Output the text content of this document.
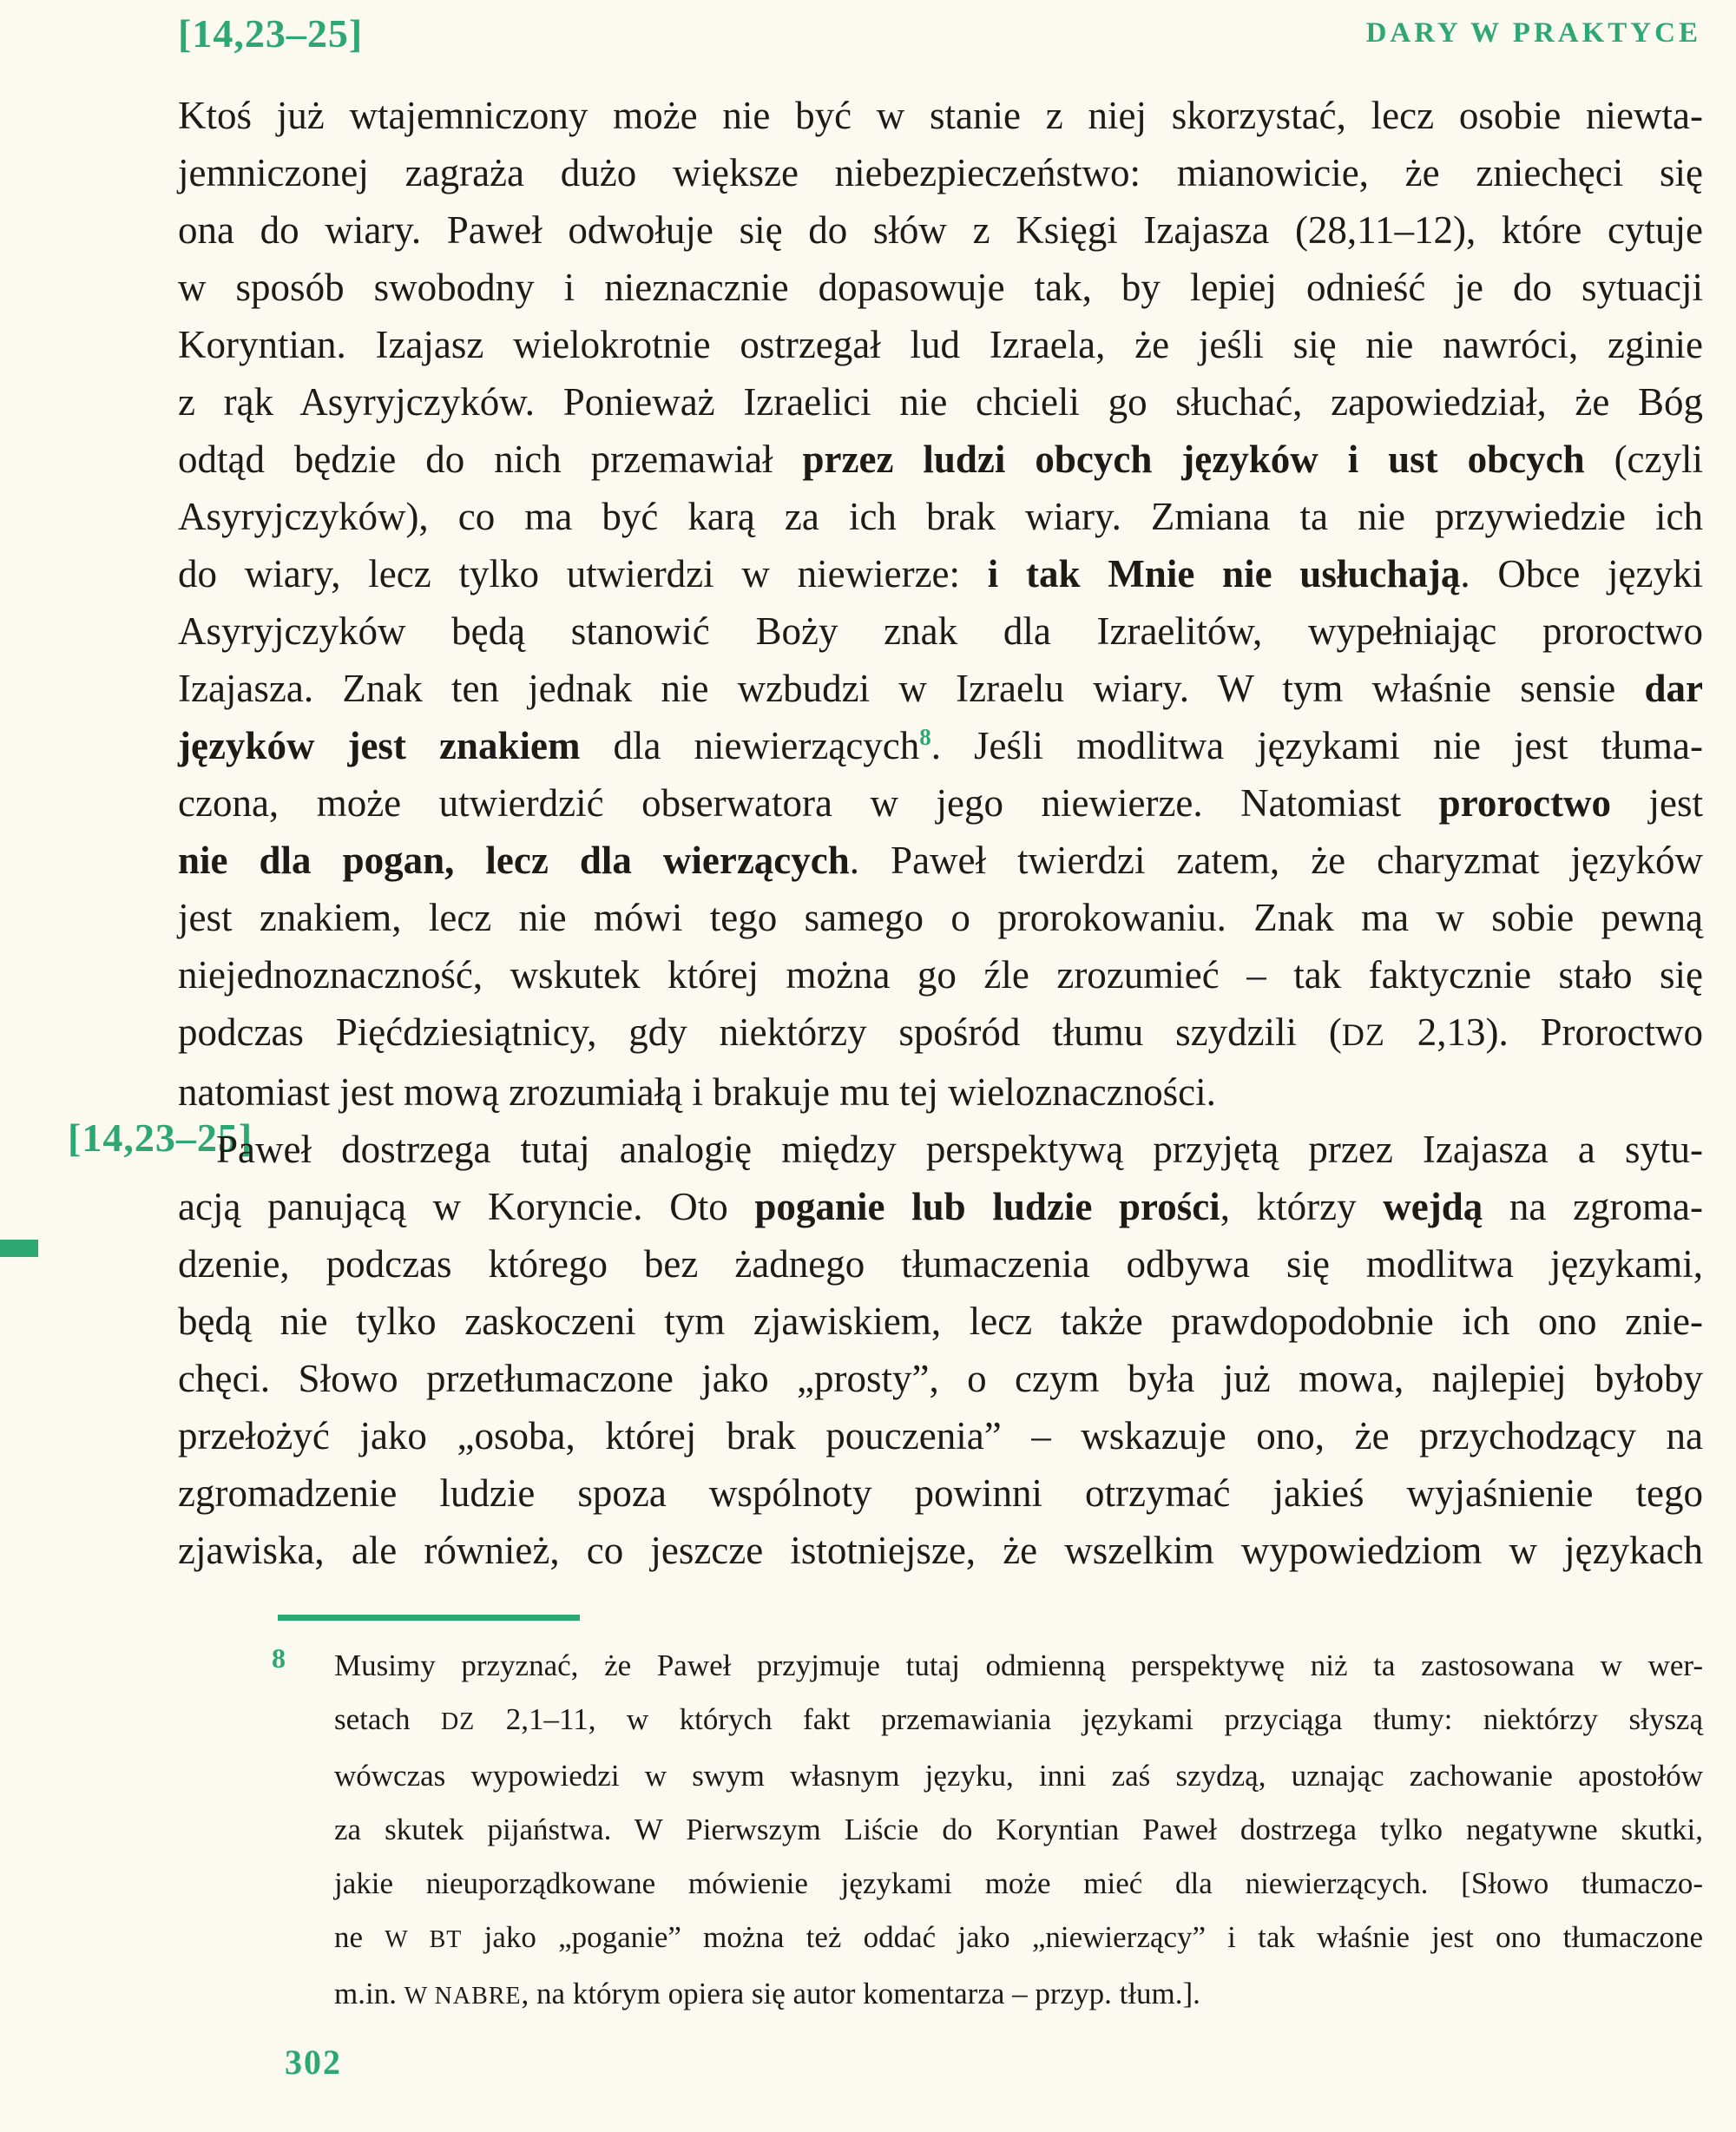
[14,23–25]	DARY W PRAKTYCE
[14,23–25]
Ktoś już wtajemniczony może nie być w stanie z niej skorzystać, lecz osobie niewta-
jemniczonej zagraża dużo większe niebezpieczeństwo: mianowicie, że zniechęci się
ona do wiary. Paweł odwołuje się do słów z Księgi Izajasza (28,11–12), które cytuje
w sposób swobodny i nieznacznie dopasowuje tak, by lepiej odnieść je do sytuacji
Koryntian. Izajasz wielokrotnie ostrzegał lud Izraela, że jeśli się nie nawróci, zginie
z rąk Asyryjczyków. Ponieważ Izraelici nie chcieli go słuchać, zapowiedział, że Bóg
odtąd będzie do nich przemawiał przez ludzi obcych języków i ust obcych (czyli
Asyryjczyków), co ma być karą za ich brak wiary. Zmiana ta nie przywiedzie ich
do wiary, lecz tylko utwierdzi w niewierze: i tak Mnie nie usłuchają. Obce języki
Asyryjczyków będą stanowić Boży znak dla Izraelitów, wypełniając proroctwo
Izajasza. Znak ten jednak nie wzbudzi w Izraelu wiary. W tym właśnie sensie dar
języków jest znakiem dla niewierzących$^8$. Jeśli modlitwa językami nie jest tłuma-
czona, może utwierdzić obserwatora w jego niewierze. Natomiast proroctwo jest
nie dla pogan, lecz dla wierzących. Paweł twierdzi zatem, że charyzmat języków
jest znakiem, lecz nie mówi tego samego o prorokowaniu. Znak ma w sobie pewną
niejednoznaczność, wskutek której można go źle zrozumieć – tak faktycznie stało się
podczas Pięćdziesiątnicy, gdy niektórzy spośród tłumu szydzili (DZ 2,13). Proroctwo
natomiast jest mową zrozumiałą i brakuje mu tej wieloznaczności.
Paweł dostrzega tutaj analogię między perspektywą przyjętą przez Izajasza a sytu-
acją panującą w Koryncie. Oto poganie lub ludzie prości, którzy wejdą na zgroma-
dzenie, podczas którego bez żadnego tłumaczenia odbywa się modlitwa językami,
będą nie tylko zaskoczeni tym zjawiskiem, lecz także prawdopodobnie ich ono znie-
chęci. Słowo przetłumaczone jako „prosty”, o czym była już mowa, najlepiej byłoby
przełożyć jako „osoba, której brak pouczenia” – wskazuje ono, że przychodzący na
zgromadzenie ludzie spoza wspólnoty powinni otrzymać jakieś wyjaśnienie tego
zjawiska, ale również, co jeszcze istotniejsze, że wszelkim wypowiedziom w językach
8 Musimy przyznać, że Paweł przyjmuje tutaj odmienną perspektywę niż ta zastosowana w wer-
setach DZ 2,1–11, w których fakt przemawiania językami przyciąga tłumy: niektórzy słyszą
wówczas wypowiedzi w swym własnym języku, inni zaś szydzą, uznając zachowanie apostołów
za skutek pijaństwa. W Pierwszym Liście do Koryntian Paweł dostrzega tylko negatywne skutki,
jakie nieuporządkowane mówienie językami może mieć dla niewierzących. [Słowo tłumaczo-
ne W BT jako „poganie” można też oddać jako „niewierzący” i tak właśnie jest ono tłumaczone
m.in. W NABRE, na którym opiera się autor komentarza – przyp. tłum.].
302
